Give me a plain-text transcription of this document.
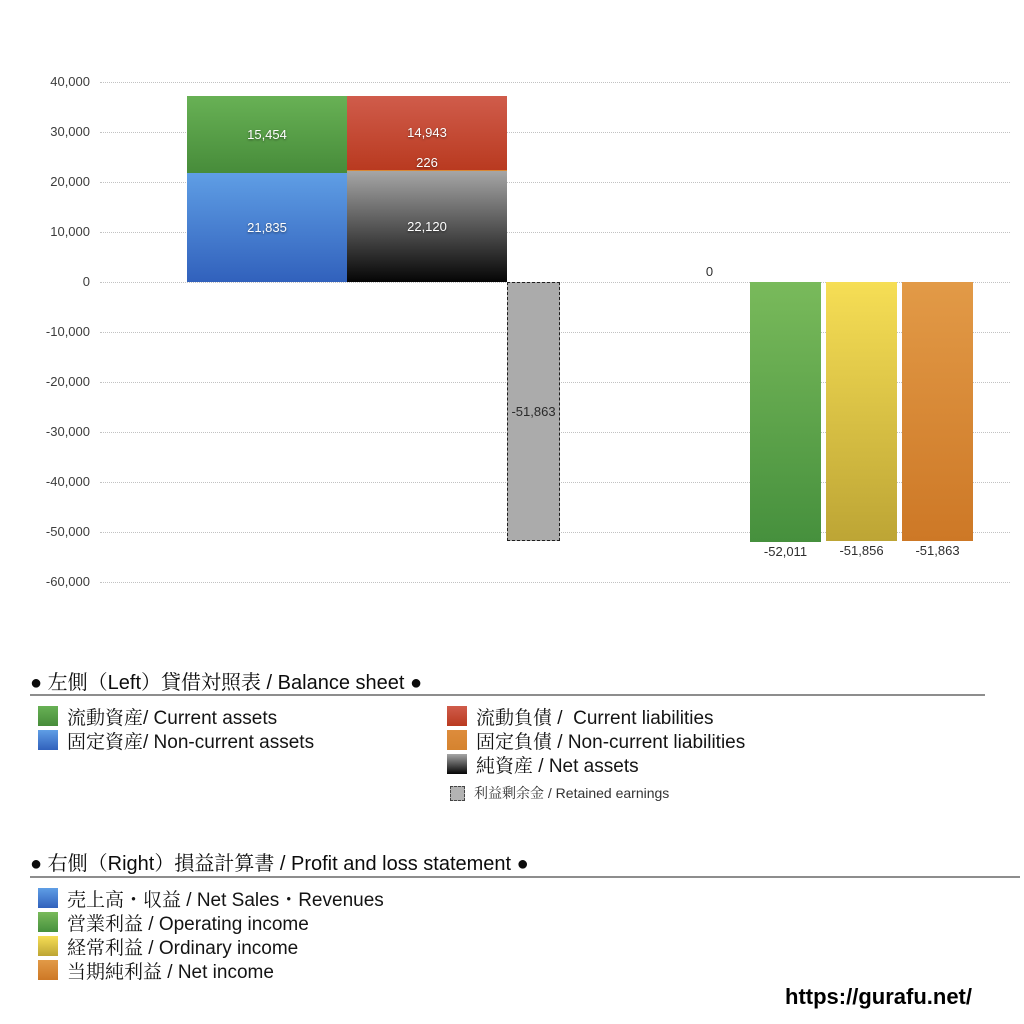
40,000
30,000
20,000
10,000
0
-10,000
-20,000
-30,000
-40,000
-50,000
-60,000
15,454
21,835
14,943
226
22,120
-51,863
0
-52,011	-51,856	-51,863
● 左側（Left）貸借対照表 / Balance sheet ●
流動資産/ Current assets
固定資産/ Non-current assets
流動負債 /  Current liabilities
固定負債 / Non-current liabilities
純資産 / Net assets
利益剰余金 / Retained earnings
● 右側（Right）損益計算書 / Profit and loss statement ●
売上高・収益 / Net Sales・Revenues
営業利益 / Operating income
経常利益 / Ordinary income
当期純利益 / Net income
https://gurafu.net/
